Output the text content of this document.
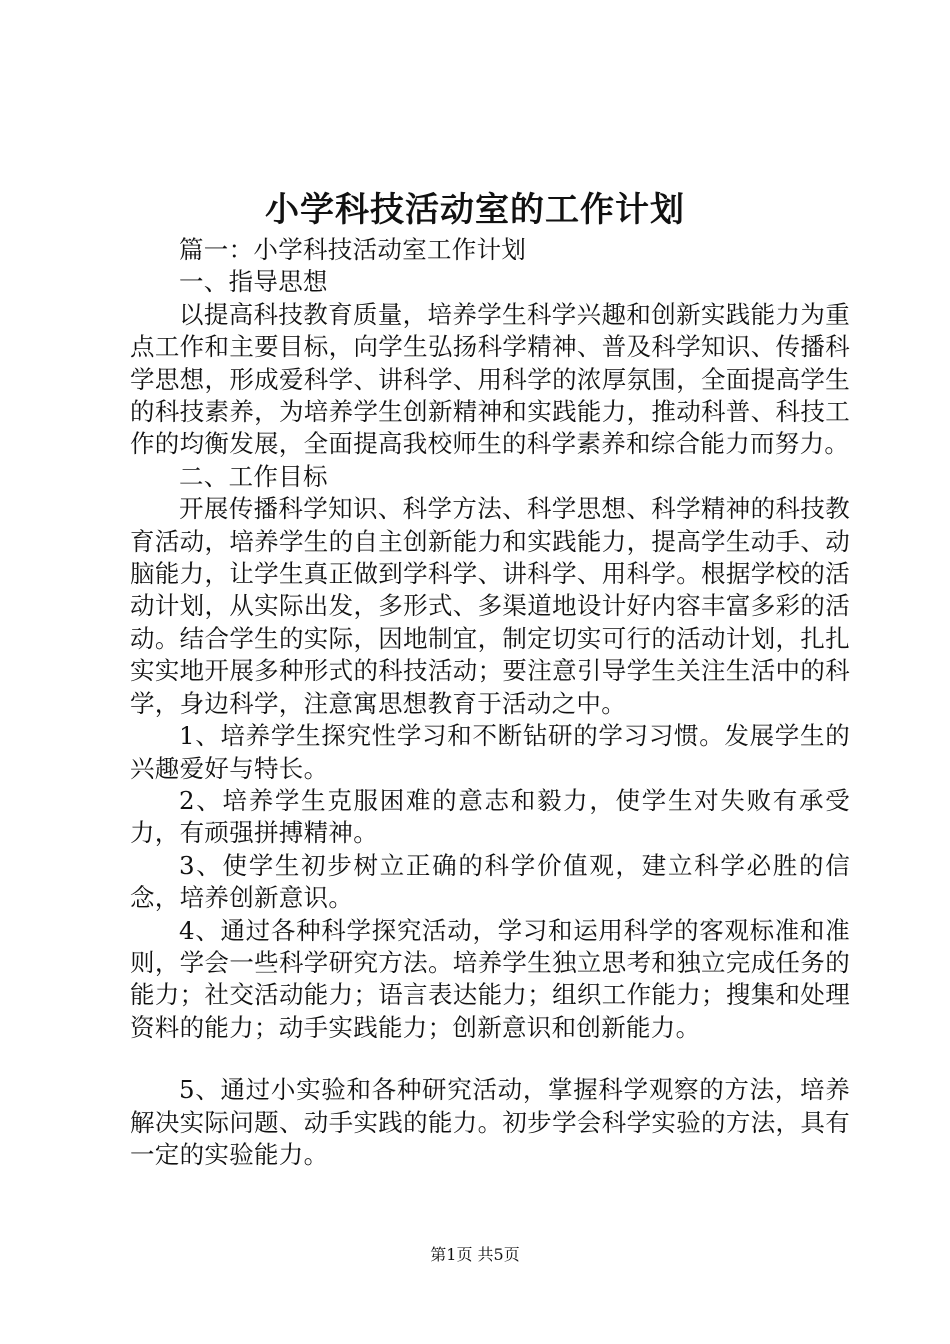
小学科技活动室的工作计划

篇一：小学科技活动室工作计划

一、指导思想

以提高科技教育质量，培养学生科学兴趣和创新实践能力为重点工作和主要目标，向学生弘扬科学精神、普及科学知识、传播科学思想，形成爱科学、讲科学、用科学的浓厚氛围，全面提高学生的科技素养，为培养学生创新精神和实践能力，推动科普、科技工作的均衡发展，全面提高我校师生的科学素养和综合能力而努力。

二、工作目标

开展传播科学知识、科学方法、科学思想、科学精神的科技教育活动，培养学生的自主创新能力和实践能力，提高学生动手、动脑能力，让学生真正做到学科学、讲科学、用科学。根据学校的活动计划，从实际出发，多形式、多渠道地设计好内容丰富多彩的活动。结合学生的实际，因地制宜，制定切实可行的活动计划，扎扎实实地开展多种形式的科技活动；要注意引导学生关注生活中的科学，身边科学，注意寓思想教育于活动之中。

1、培养学生探究性学习和不断钻研的学习习惯。发展学生的兴趣爱好与特长。

2、培养学生克服困难的意志和毅力，使学生对失败有承受力，有顽强拼搏精神。

3、使学生初步树立正确的科学价值观，建立科学必胜的信念，培养创新意识。

4、通过各种科学探究活动，学习和运用科学的客观标准和准则，学会一些科学研究方法。培养学生独立思考和独立完成任务的能力；社交活动能力；语言表达能力；组织工作能力；搜集和处理资料的能力；动手实践能力；创新意识和创新能力。

5、通过小实验和各种研究活动，掌握科学观察的方法，培养解决实际问题、动手实践的能力。初步学会科学实验的方法，具有一定的实验能力。

第1页 共5页
